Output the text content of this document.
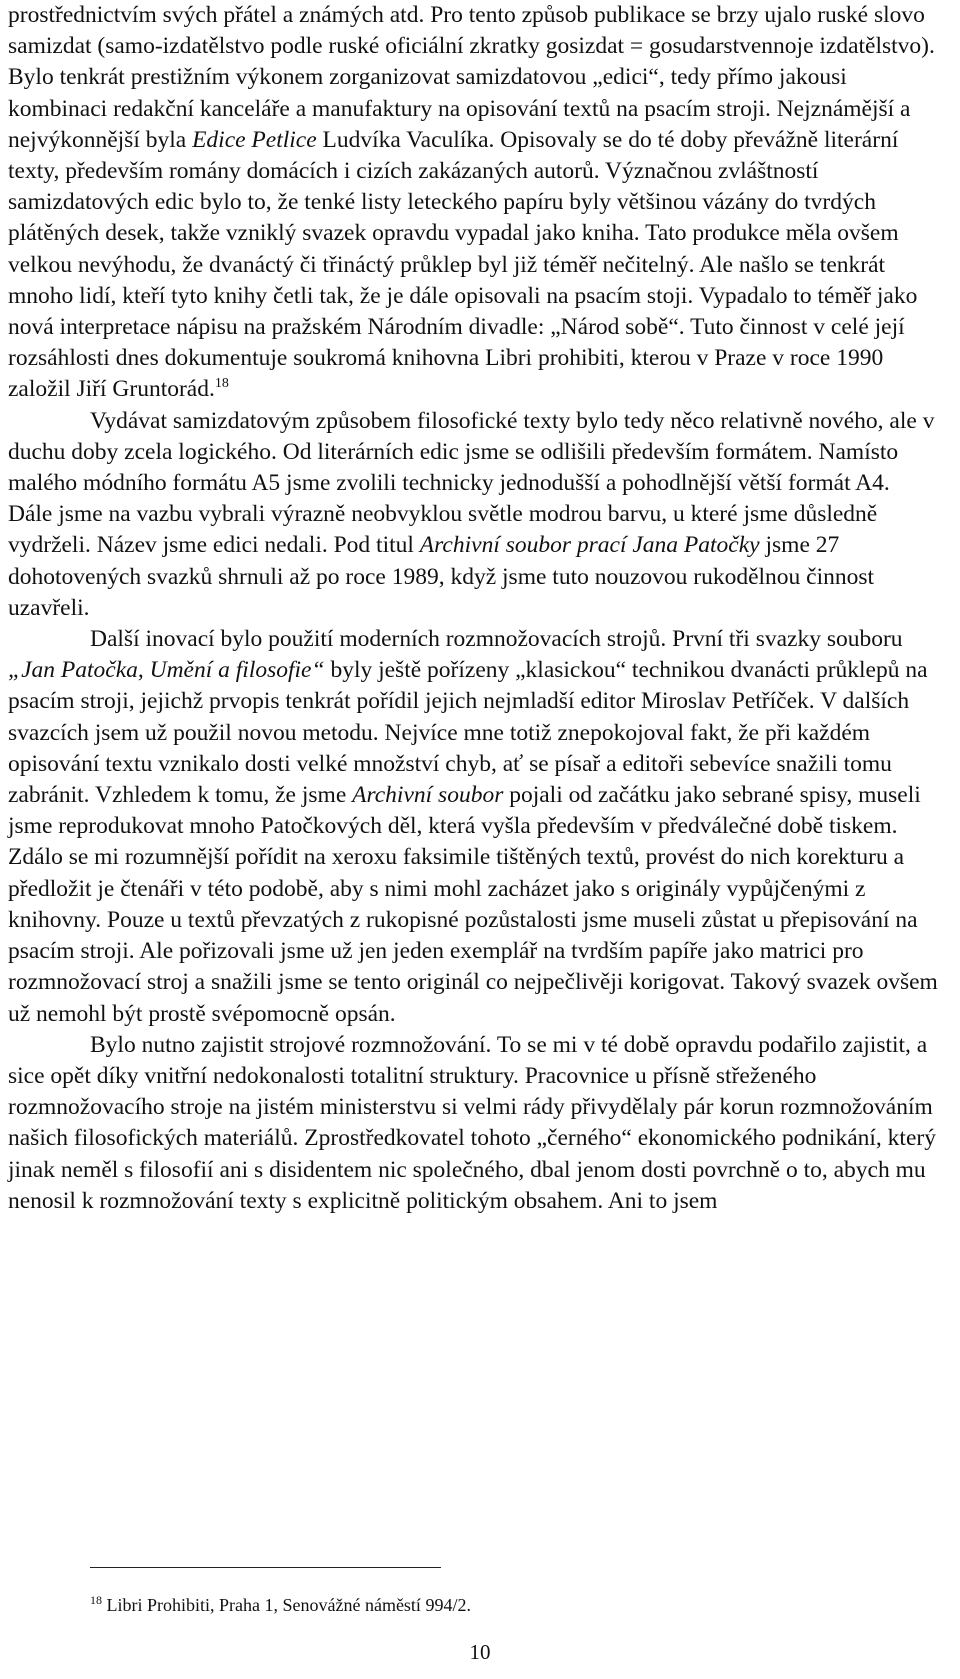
prostřednictvím svých přátel a známých atd. Pro tento způsob publikace se brzy ujalo ruské slovo samizdat (samo-izdatělstvo podle ruské oficiální zkratky gosizdat = gosudarstvennoje izdatělstvo). Bylo tenkrát prestižním výkonem zorganizovat samizdatovou „edici“, tedy přímo jakousi kombinaci redakční kanceláře a manufaktury na opisování textů na psacím stroji. Nejznámější a nejvýkonnější byla Edice Petlice Ludvíka Vaculíka. Opisovaly se do té doby převážně literární texty, především romány domácích i cizích zakázaných autorů. Význačnou zvláštností samizdatových edic bylo to, že tenké listy leteckého papíru byly většinou vázány do tvrdých plátěných desek, takže vzniklý svazek opravdu vypadal jako kniha. Tato produkce měla ovšem velkou nevýhodu, že dvanáctý či třináctý průklep byl již téměř nečitelný. Ale našlo se tenkrát mnoho lidí, kteří tyto knihy četli tak, že je dále opisovali na psacím stoji. Vypadalo to téměř jako nová interpretace nápisu na pražském Národním divadle: „Národ sobě“. Tuto činnost v celé její rozsáhlosti dnes dokumentuje soukromá knihovna Libri prohibiti, kterou v Praze v roce 1990 založil Jiří Gruntorád.$^{18}$

Vydávat samizdatovým způsobem filosofické texty bylo tedy něco relativně nového, ale v duchu doby zcela logického. Od literárních edic jsme se odlišili především formátem. Namísto malého módního formátu A5 jsme zvolili technicky jednodušší a pohodlnější větší formát A4. Dále jsme na vazbu vybrali výrazně neobvyklou světle modrou barvu, u které jsme důsledně vydrželi. Název jsme edici nedali. Pod titul Archivní soubor prací Jana Patočky jsme 27 dohotovených svazků shrnuli až po roce 1989, když jsme tuto nouzovou rukodělnou činnost uzavřeli.

Další inovací bylo použití moderních rozmnožovacích strojů. První tři svazky souboru „Jan Patočka, Umění a filosofie“ byly ještě pořízeny „klasickou“ technikou dvanácti průklepů na psacím stroji, jejichž prvopis tenkrát pořídil jejich nejmladší editor Miroslav Petříček. V dalších svazcích jsem už použil novou metodu. Nejvíce mne totiž znepokojoval fakt, že při každém opisování textu vznikalo dosti velké množství chyb, ať se písař a editoři sebevíce snažili tomu zabránit. Vzhledem k tomu, že jsme Archivní soubor pojali od začátku jako sebrané spisy, museli jsme reprodukovat mnoho Patočkových děl, která vyšla především v předválečné době tiskem. Zdálo se mi rozumnější pořídit na xeroxu faksimile tištěných textů, provést do nich korekturu a předložit je čtenáři v této podobě, aby s nimi mohl zacházet jako s originály vypůjčenými z knihovny. Pouze u textů převzatých z rukopisné pozůstalosti jsme museli zůstat u přepisování na psacím stroji. Ale pořizovali jsme už jen jeden exemplář na tvrdším papíře jako matrici pro rozmnožovací stroj a snažili jsme se tento originál co nejpečlivěji korigovat. Takový svazek ovšem už nemohl být prostě svépomocně opsán.

Bylo nutno zajistit strojové rozmnožování. To se mi v té době opravdu podařilo zajistit, a sice opět díky vnitřní nedokonalosti totalitní struktury. Pracovnice u přísně střeženého rozmnožovacího stroje na jistém ministerstvu si velmi rády přivydělaly pár korun rozmnožováním našich filosofických materiálů. Zprostředkovatel tohoto „černého“ ekonomického podnikání, který jinak neměl s filosofií ani s disidentem nic společného, dbal jenom dosti povrchně o to, abych mu nenosil k rozmnožování texty s explicitně politickým obsahem. Ani to jsem

$^{18}$ Libri Prohibiti, Praha 1, Senovážné náměstí 994/2.
10
